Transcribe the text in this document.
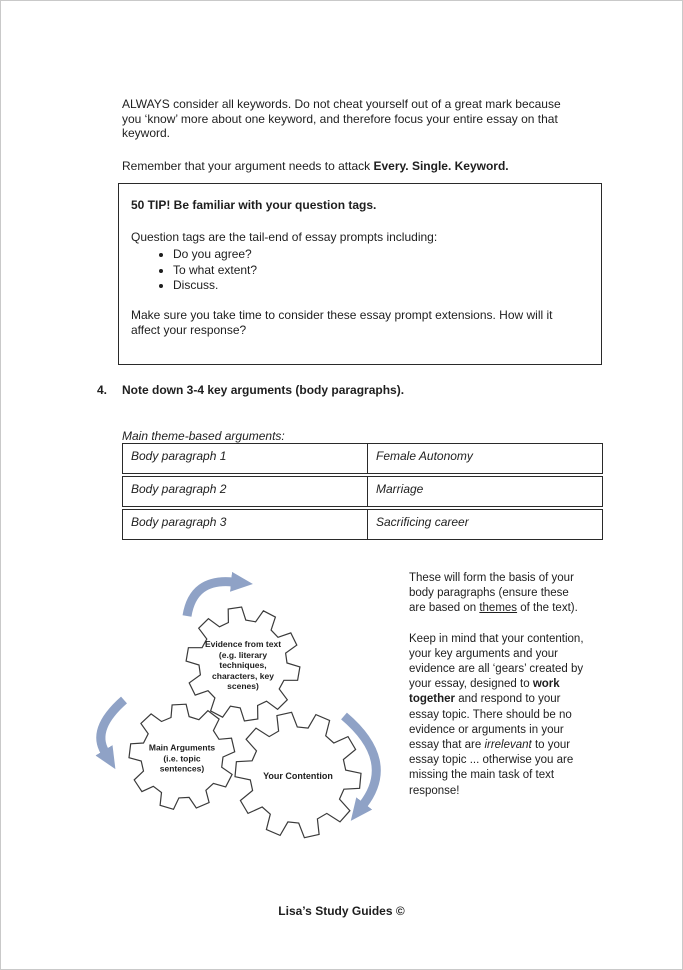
ALWAYS consider all keywords. Do not cheat yourself out of a great mark because you ‘know’ more about one keyword, and therefore focus your entire essay on that keyword.

Remember that your argument needs to attack Every. Single. Keyword.

50 TIP! Be familiar with your question tags.

Question tags are the tail-end of essay prompts including:

• Do you agree?
• To what extent?
• Discuss.

Make sure you take time to consider these essay prompt extensions. How will it affect your response?

4.	Note down 3-4 key arguments (body paragraphs).

Main theme-based arguments:

Body paragraph 1	Female Autonomy
Body paragraph 2	Marriage
Body paragraph 3	Sacrificing career
Evidence from text (e.g. literary techniques, characters, key scenes)
Main Arguments (i.e. topic sentences)
Your Contention

These will form the basis of your body paragraphs (ensure these are based on themes of the text).

Keep in mind that your contention, your key arguments and your evidence are all ‘gears’ created by your essay, designed to work together and respond to your essay topic. There should be no evidence or arguments in your essay that are irrelevant to your essay topic ... otherwise you are missing the main task of text response!

Lisa’s Study Guides ©
